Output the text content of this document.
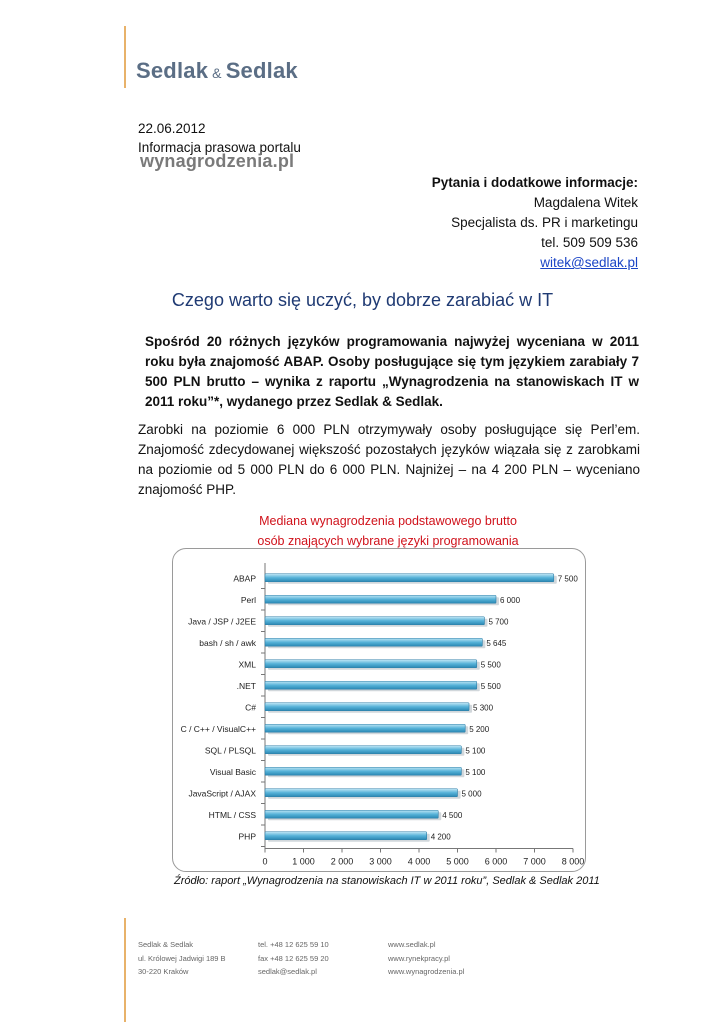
Sedlak & Sedlak
22.06.2012
Informacja prasowa portalu
wynagrodzenia.pl
Pytania i dodatkowe informacje:
Magdalena Witek
Specjalista ds. PR i marketingu
tel. 509 509 536
witek@sedlak.pl
Czego warto się uczyć, by dobrze zarabiać w IT
Spośród 20 różnych języków programowania najwyżej wyceniana w 2011 roku była znajomość ABAP. Osoby posługujące się tym językiem zarabiały 7 500 PLN brutto – wynika z raportu „Wynagrodzenia na stanowiskach IT w 2011 roku”*, wydanego przez Sedlak & Sedlak.
Zarobki na poziomie 6 000 PLN otrzymywały osoby posługujące się Perl’em. Znajomość zdecydowanej większość pozostałych języków wiązała się z zarobkami na poziomie od 5 000 PLN do 6 000 PLN. Najniżej – na 4 200 PLN – wyceniano znajomość PHP.
Mediana wynagrodzenia podstawowego brutto
osób znających wybrane języki programowania
ABAP	7 500
Perl	6 000
Java / JSP / J2EE	5 700
bash / sh / awk	5 645
XML	5 500
.NET	5 500
C#	5 300
C / C++ / VisualC++	5 200
SQL / PLSQL	5 100
Visual Basic	5 100
JavaScript / AJAX	5 000
HTML / CSS	4 500
PHP	4 200
0	1 000 2 000 3 000 4 000 5 000 6 000 7 000 8 000
Źródło: raport „Wynagrodzenia na stanowiskach IT w 2011 roku”, Sedlak & Sedlak 2011
Sedlak & Sedlak
ul. Królowej Jadwigi 189 B
30-220 Kraków
tel. +48 12 625 59 10
fax +48 12 625 59 20
sedlak@sedlak.pl
www.sedlak.pl
www.rynekpracy.pl
www.wynagrodzenia.pl
